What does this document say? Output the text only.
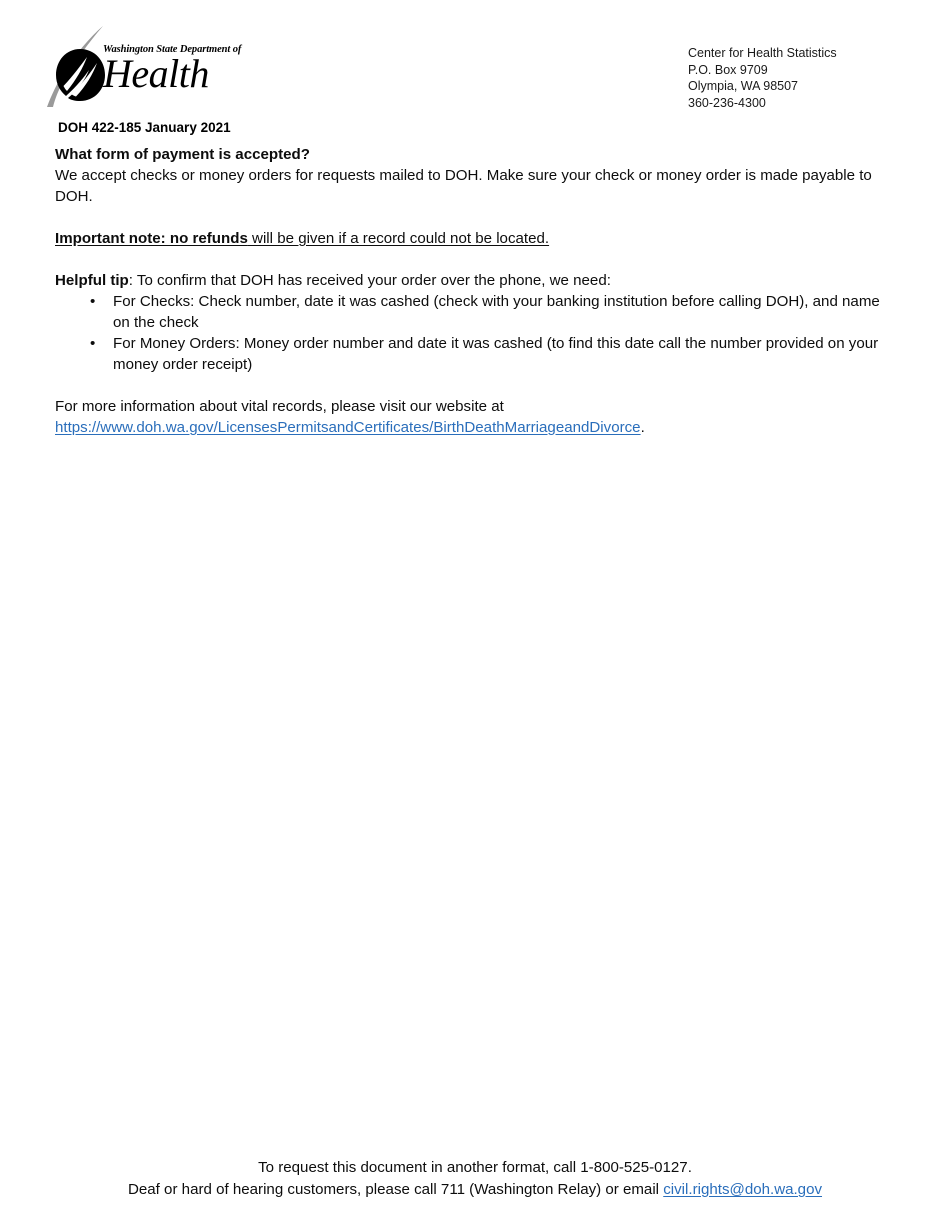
Washington State Department of
Health
DOH 422-185 January 2021
Center for Health Statistics
P.O. Box 9709
Olympia, WA 98507
360-236-4300

What form of payment is accepted?

We accept checks or money orders for requests mailed to DOH. Make sure your check or money order is made payable to DOH.

Important note: no refunds will be given if a record could not be located.

Helpful tip: To confirm that DOH has received your order over the phone, we need:

• For Checks: Check number, date it was cashed (check with your banking institution before calling DOH), and name on the check
• For Money Orders: Money order number and date it was cashed (to find this date call the number provided on your money order receipt)

For more information about vital records, please visit our website at

https://www.doh.wa.gov/LicensesPermitsandCertificates/BirthDeathMarriageandDivorce.

To request this document in another format, call 1-800-525-0127.
Deaf or hard of hearing customers, please call 711 (Washington Relay) or email civil.rights@doh.wa.gov
